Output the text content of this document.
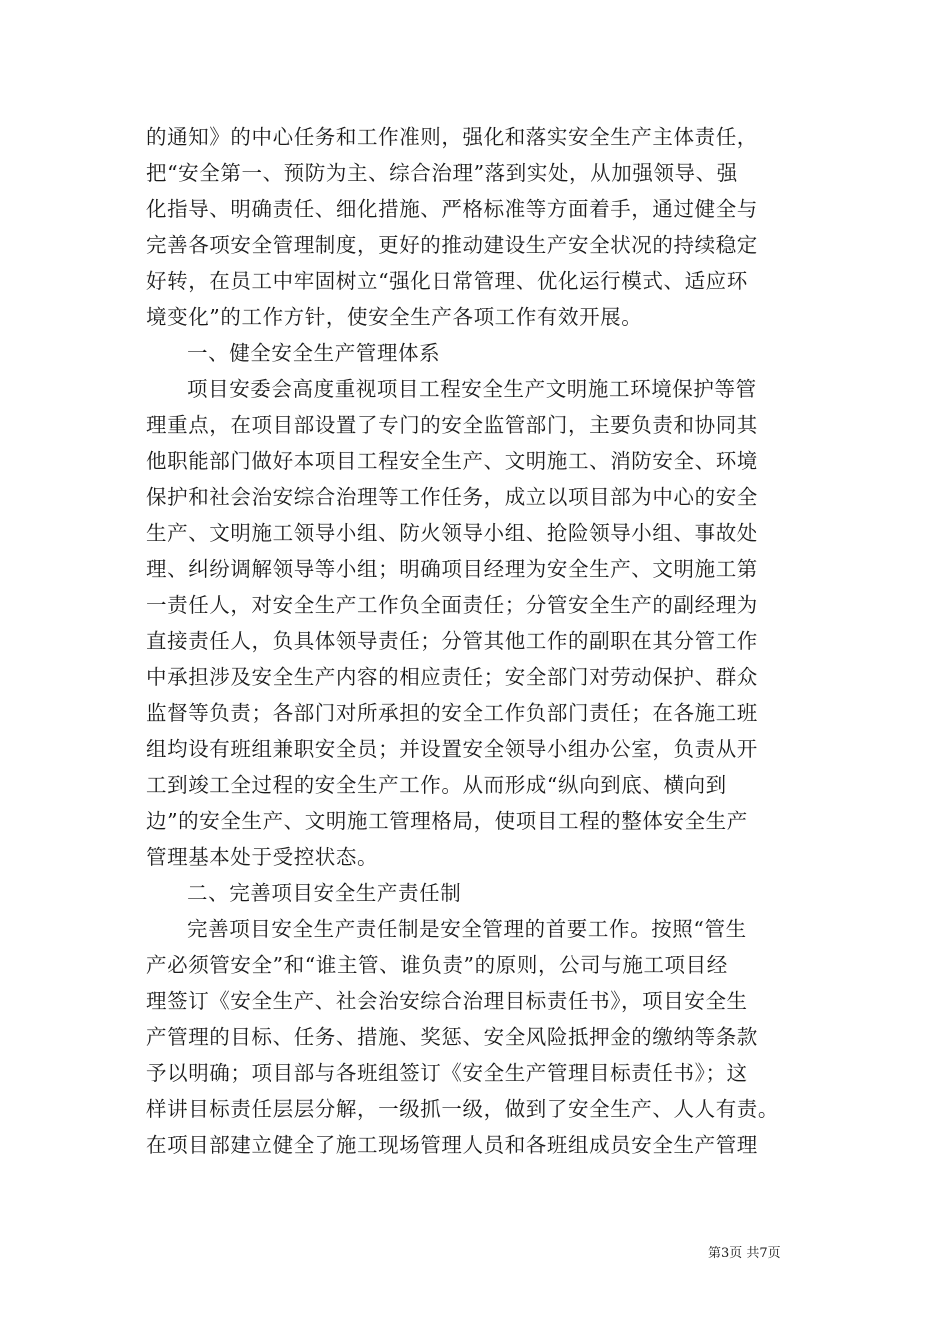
的通知》的中心任务和工作准则，强化和落实安全生产主体责任，
把“安全第一、预防为主、综合治理”落到实处，从加强领导、强
化指导、明确责任、细化措施、严格标准等方面着手，通过健全与
完善各项安全管理制度，更好的推动建设生产安全状况的持续稳定
好转，在员工中牢固树立“强化日常管理、优化运行模式、适应环
境变化”的工作方针，使安全生产各项工作有效开展。
一、健全安全生产管理体系
项目安委会高度重视项目工程安全生产文明施工环境保护等管
理重点，在项目部设置了专门的安全监管部门，主要负责和协同其
他职能部门做好本项目工程安全生产、文明施工、消防安全、环境
保护和社会治安综合治理等工作任务，成立以项目部为中心的安全
生产、文明施工领导小组、防火领导小组、抢险领导小组、事故处
理、纠纷调解领导等小组；明确项目经理为安全生产、文明施工第
一责任人，对安全生产工作负全面责任；分管安全生产的副经理为
直接责任人，负具体领导责任；分管其他工作的副职在其分管工作
中承担涉及安全生产内容的相应责任；安全部门对劳动保护、群众
监督等负责；各部门对所承担的安全工作负部门责任；在各施工班
组均设有班组兼职安全员；并设置安全领导小组办公室，负责从开
工到竣工全过程的安全生产工作。从而形成“纵向到底、横向到
边”的安全生产、文明施工管理格局，使项目工程的整体安全生产
管理基本处于受控状态。
二、完善项目安全生产责任制
完善项目安全生产责任制是安全管理的首要工作。按照“管生
产必须管安全”和“谁主管、谁负责”的原则，公司与施工项目经
理签订《安全生产、社会治安综合治理目标责任书》，项目安全生
产管理的目标、任务、措施、奖惩、安全风险抵押金的缴纳等条款
予以明确；项目部与各班组签订《安全生产管理目标责任书》；这
样讲目标责任层层分解，一级抓一级，做到了安全生产、人人有责。
在项目部建立健全了施工现场管理人员和各班组成员安全生产管理
第3页 共7页
